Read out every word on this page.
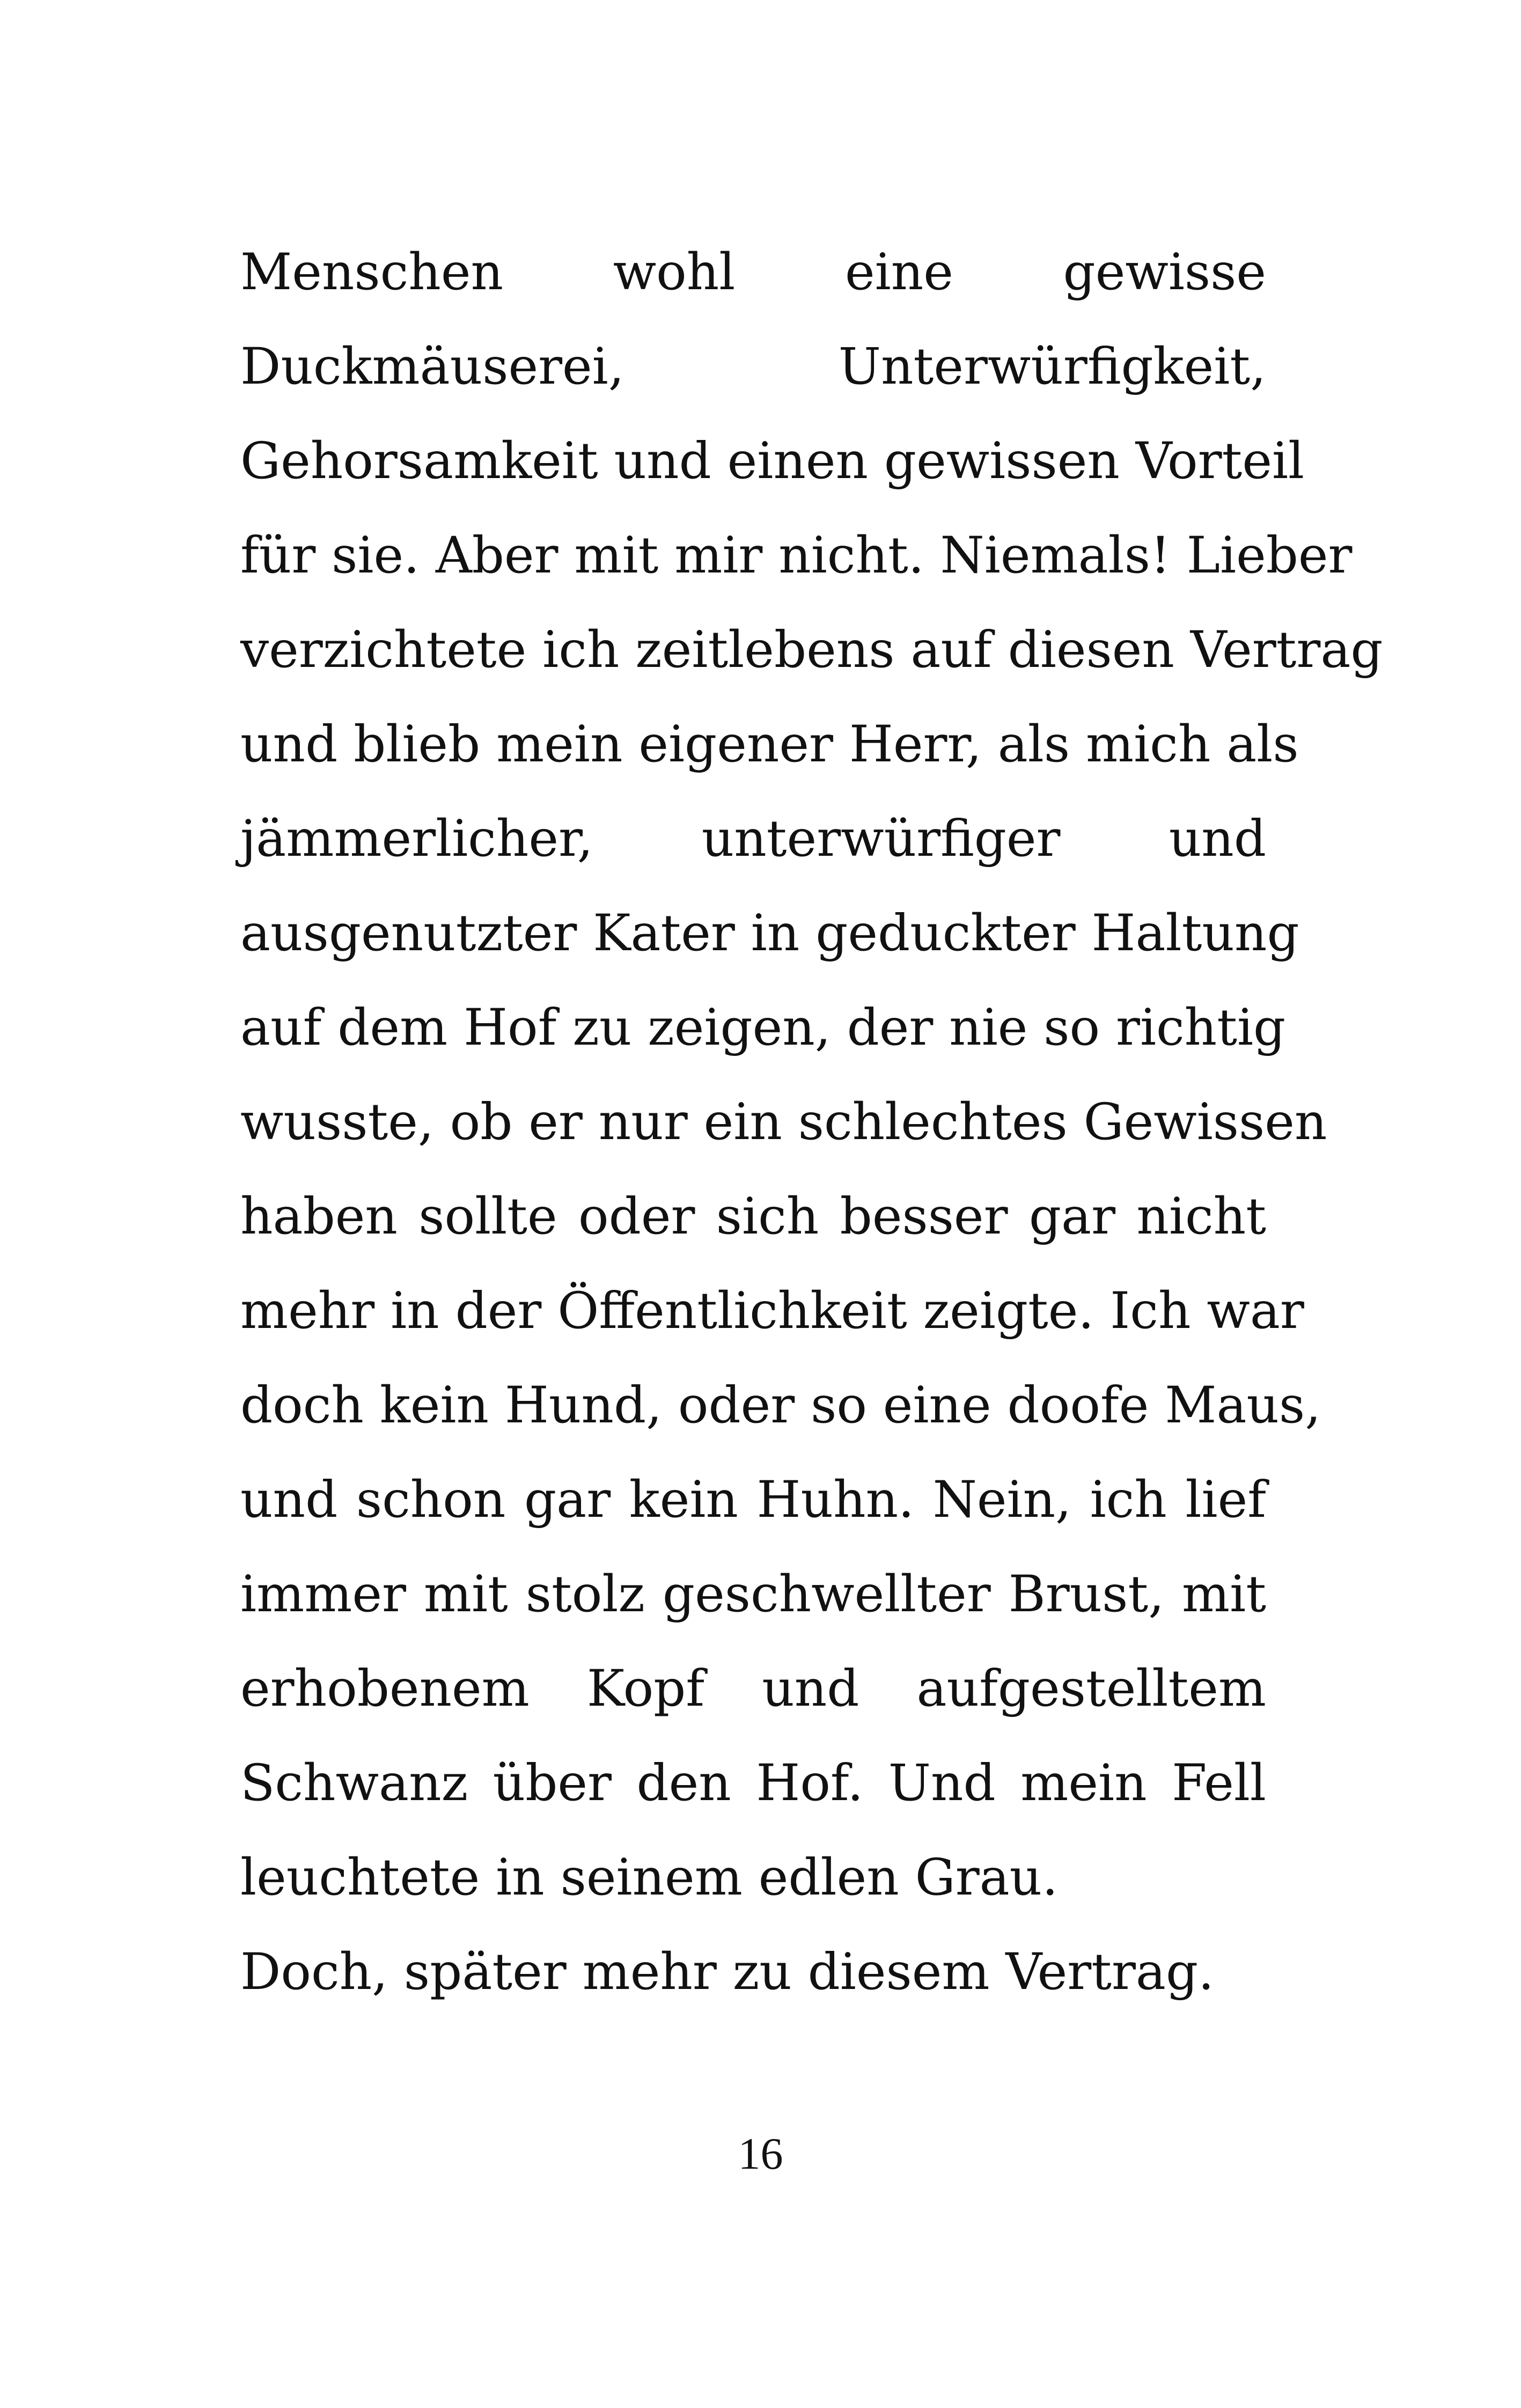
Menschen wohl eine gewisse
Duckmäuserei, Unterwürfigkeit,
Gehorsamkeit und einen gewissen Vorteil
für sie. Aber mit mir nicht. Niemals! Lieber
verzichtete ich zeitlebens auf diesen Vertrag
und blieb mein eigener Herr, als mich als
jämmerlicher, unterwürfiger und
ausgenutzter Kater in geduckter Haltung
auf dem Hof zu zeigen, der nie so richtig
wusste, ob er nur ein schlechtes Gewissen
haben sollte oder sich besser gar nicht
mehr in der Öffentlichkeit zeigte. Ich war
doch kein Hund, oder so eine doofe Maus,
und schon gar kein Huhn. Nein, ich lief
immer mit stolz geschwellter Brust, mit
erhobenem Kopf und aufgestelltem
Schwanz über den Hof. Und mein Fell
leuchtete in seinem edlen Grau.
Doch, später mehr zu diesem Vertrag.
16
